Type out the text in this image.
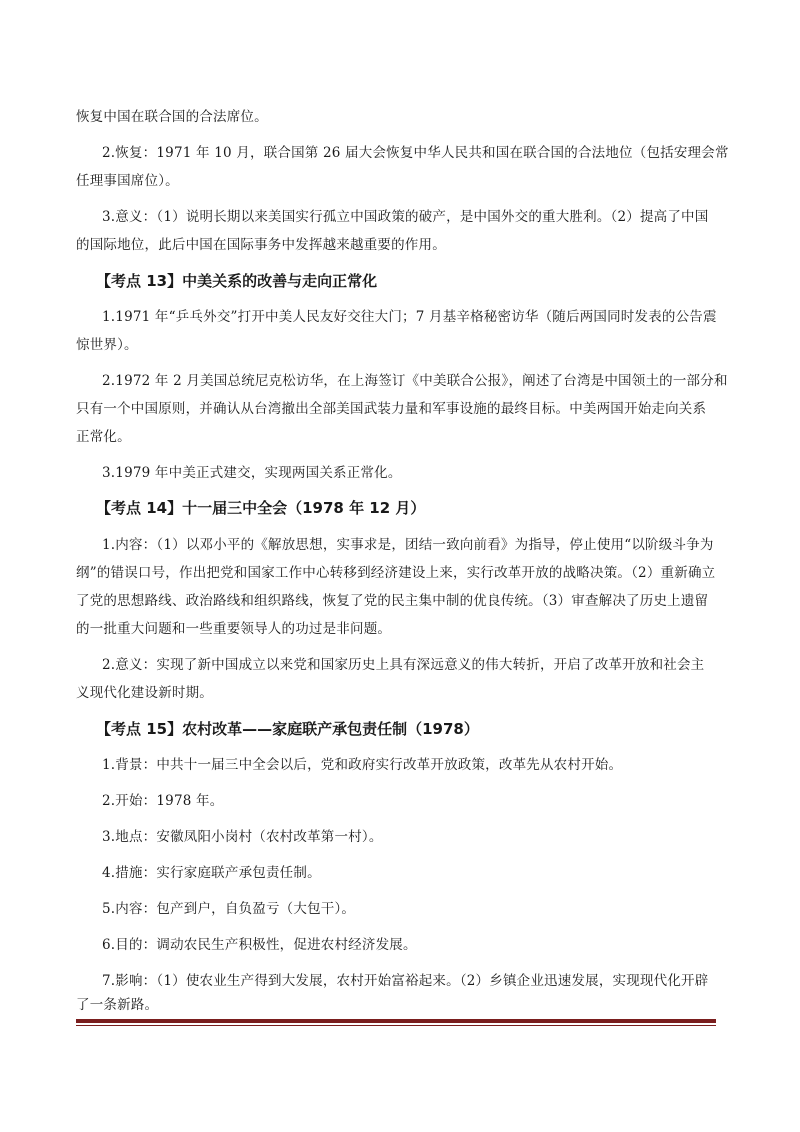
恢复中国在联合国的合法席位。
2.恢复：1971 年 10 月，联合国第 26 届大会恢复中华人民共和国在联合国的合法地位（包括安理会常
任理事国席位）。
3.意义：（1）说明长期以来美国实行孤立中国政策的破产，是中国外交的重大胜利。（2）提高了中国
的国际地位，此后中国在国际事务中发挥越来越重要的作用。
【考点 13】中美关系的改善与走向正常化
1.1971 年“乒乓外交”打开中美人民友好交往大门；7 月基辛格秘密访华（随后两国同时发表的公告震
惊世界）。
2.1972 年 2 月美国总统尼克松访华，在上海签订《中美联合公报》，阐述了台湾是中国领土的一部分和
只有一个中国原则，并确认从台湾撤出全部美国武装力量和军事设施的最终目标。中美两国开始走向关系
正常化。
3.1979 年中美正式建交，实现两国关系正常化。
【考点 14】十一届三中全会（1978 年 12 月）
1.内容：（1）以邓小平的《解放思想，实事求是，团结一致向前看》为指导，停止使用“以阶级斗争为
纲”的错误口号，作出把党和国家工作中心转移到经济建设上来，实行改革开放的战略决策。（2）重新确立
了党的思想路线、政治路线和组织路线，恢复了党的民主集中制的优良传统。（3）审查解决了历史上遗留
的一批重大问题和一些重要领导人的功过是非问题。
2.意义：实现了新中国成立以来党和国家历史上具有深远意义的伟大转折，开启了改革开放和社会主
义现代化建设新时期。
【考点 15】农村改革——家庭联产承包责任制（1978）
1.背景：中共十一届三中全会以后，党和政府实行改革开放政策，改革先从农村开始。
2.开始：1978 年。
3.地点：安徽凤阳小岗村（农村改革第一村）。
4.措施：实行家庭联产承包责任制。
5.内容：包产到户，自负盈亏（大包干）。
6.目的：调动农民生产积极性，促进农村经济发展。
7.影响：（1）使农业生产得到大发展，农村开始富裕起来。（2）乡镇企业迅速发展，实现现代化开辟
了一条新路。
